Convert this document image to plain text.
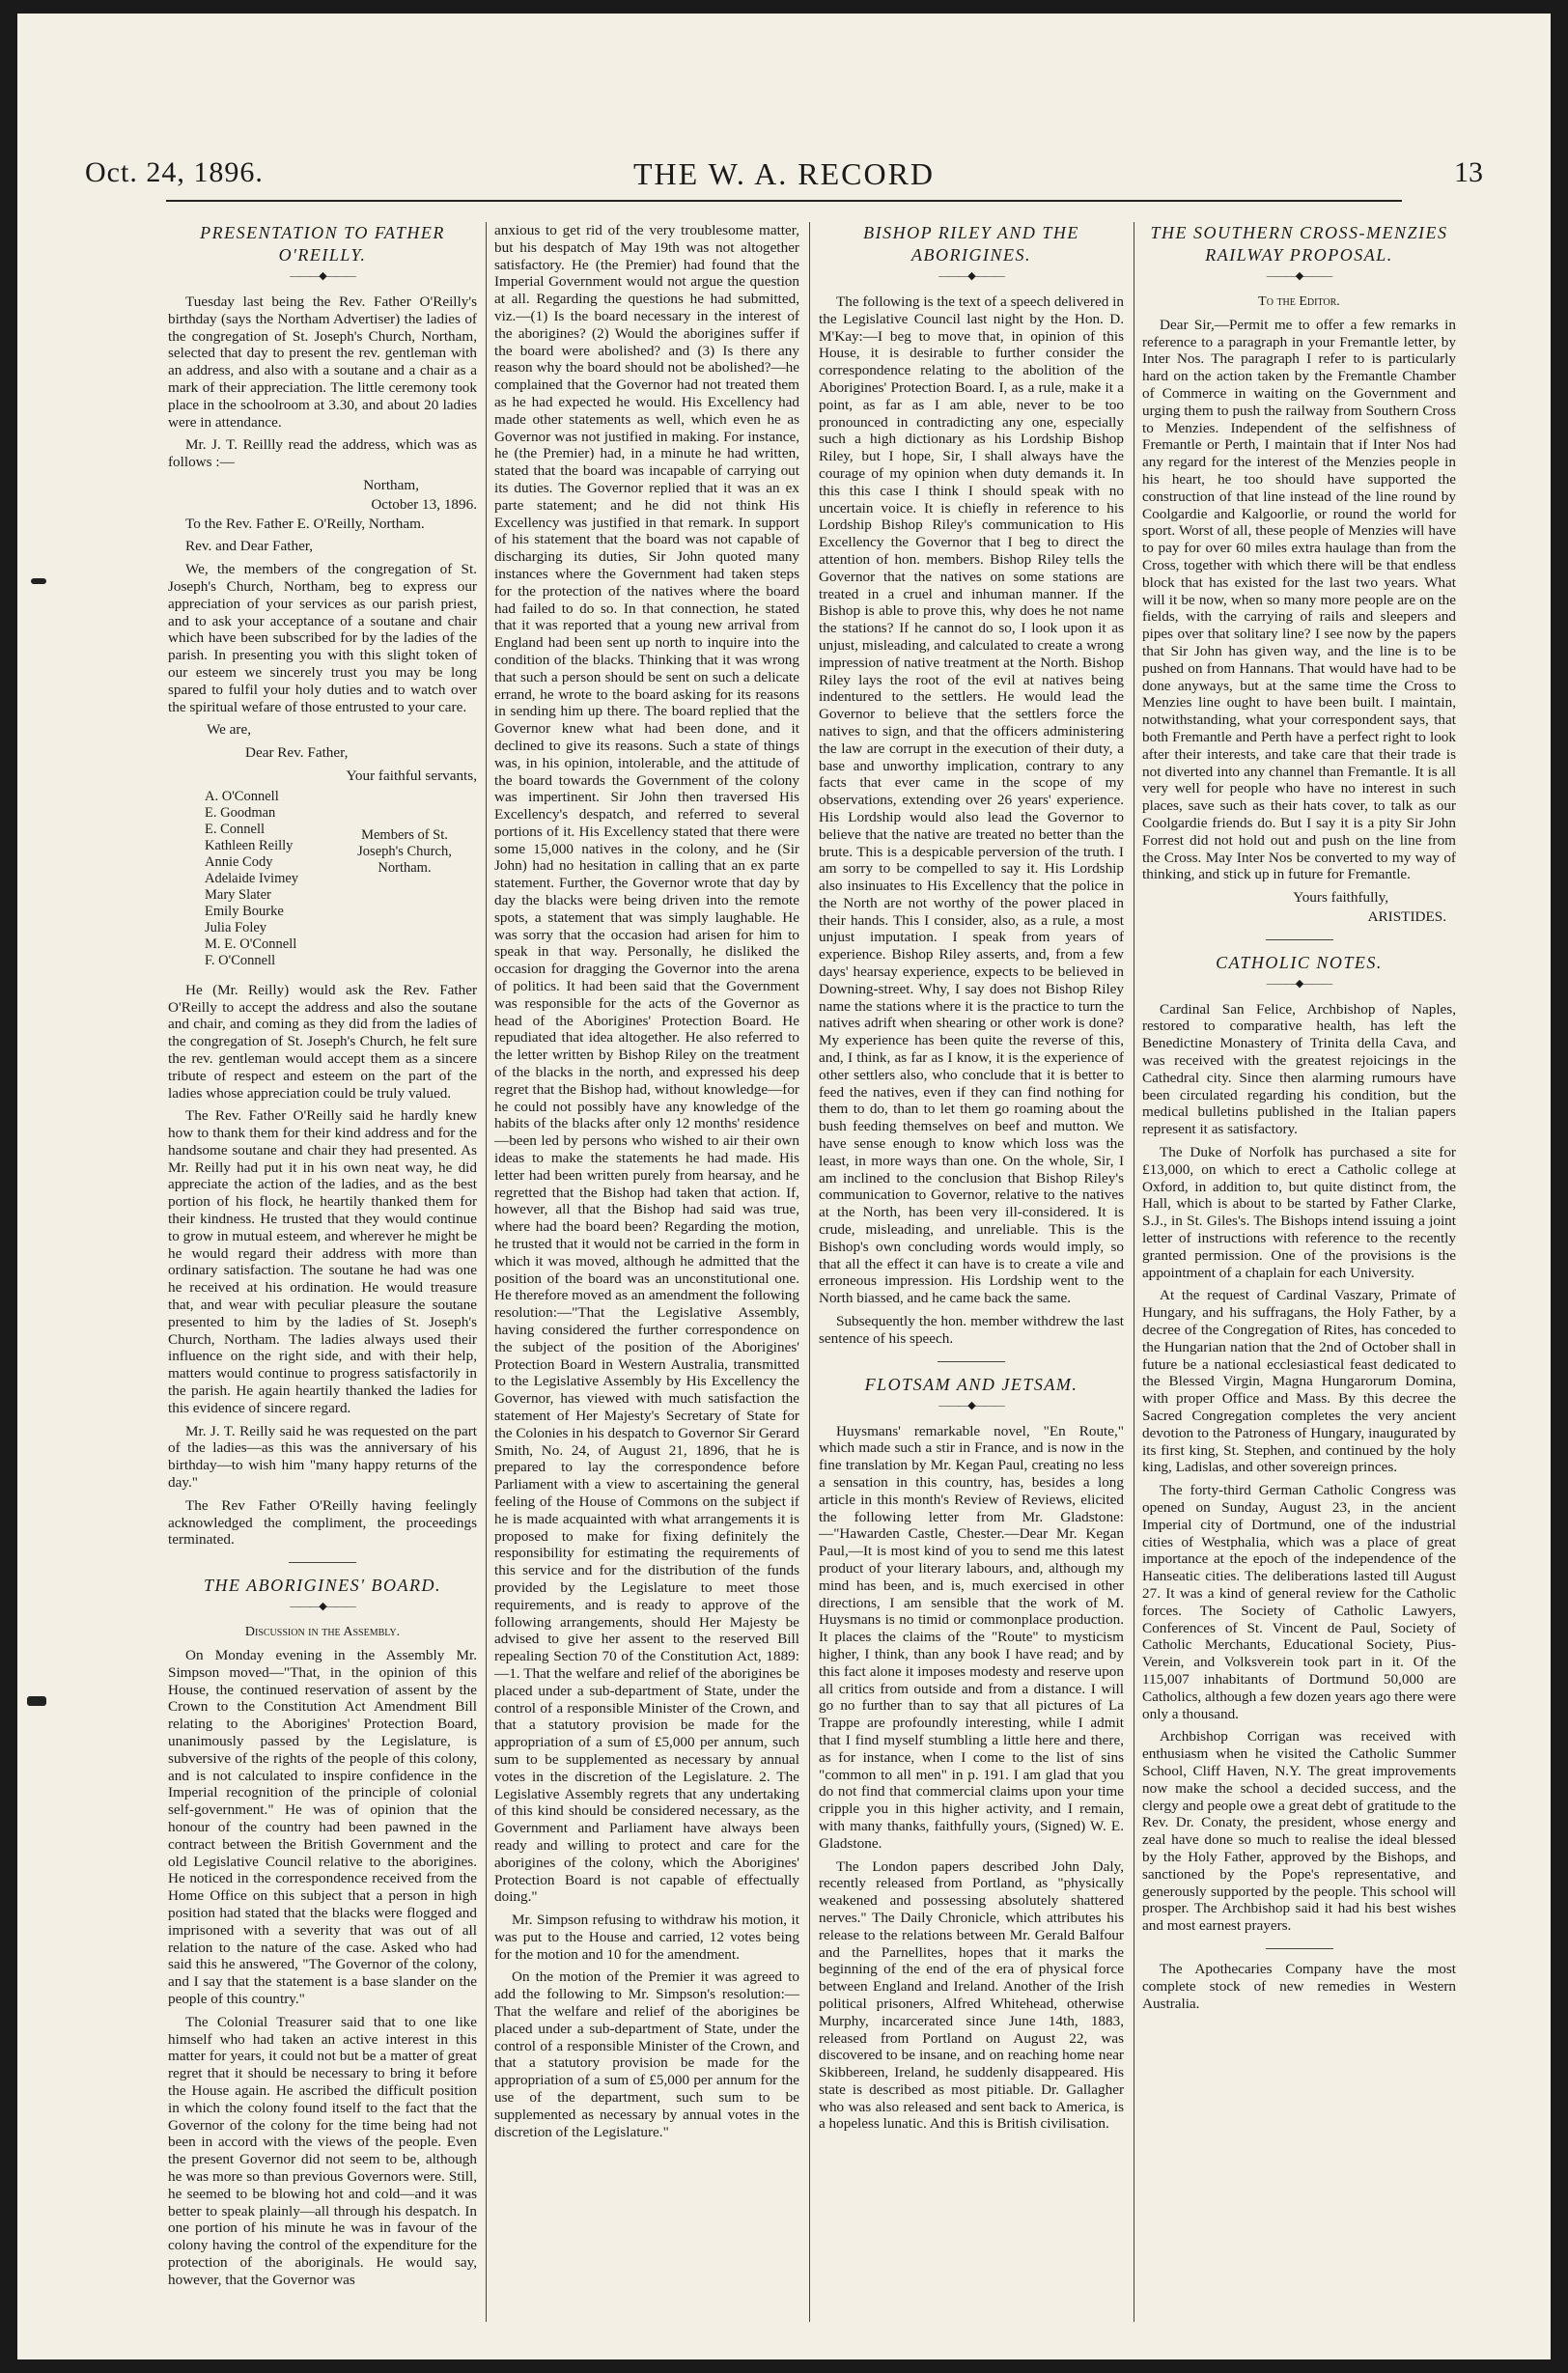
Oct. 24, 1896.	THE W. A. RECORD	13
PRESENTATION TO FATHER O'REILLY.
———◆———

Tuesday last being the Rev. Father O'Reilly's birthday (says the Northam Advertiser) the ladies of the congregation of St. Joseph's Church, Northam, selected that day to present the rev. gentleman with an address, and also with a soutane and a chair as a mark of their appreciation. The little ceremony took place in the schoolroom at 3.30, and about 20 ladies were in attendance.

Mr. J. T. Reillly read the address, which was as follows :—

Northam,
October 13, 1896.

To the Rev. Father E. O'Reilly, Northam.

Rev. and Dear Father,

We, the members of the congregation of St. Joseph's Church, Northam, beg to express our appreciation of your services as our parish priest, and to ask your acceptance of a soutane and chair which have been subscribed for by the ladies of the parish. In presenting you with this slight token of our esteem we sincerely trust you may be long spared to fulfil your holy duties and to watch over the spiritual wefare of those entrusted to your care.

We are,

Dear Rev. Father,

Your faithful servants,
A. O'Connell
E. Goodman
E. Connell
Kathleen Reilly
Annie Cody
Adelaide Ivimey
Mary Slater
Emily Bourke
Julia Foley
M. E. O'Connell
F. O'Connell
Members of St. Joseph's Church, Northam.

He (Mr. Reilly) would ask the Rev. Father O'Reilly to accept the address and also the soutane and chair, and coming as they did from the ladies of the congregation of St. Joseph's Church, he felt sure the rev. gentleman would accept them as a sincere tribute of respect and esteem on the part of the ladies whose appreciation could be truly valued.

The Rev. Father O'Reilly said he hardly knew how to thank them for their kind address and for the handsome soutane and chair they had presented. As Mr. Reilly had put it in his own neat way, he did appreciate the action of the ladies, and as the best portion of his flock, he heartily thanked them for their kindness. He trusted that they would continue to grow in mutual esteem, and wherever he might be he would regard their address with more than ordinary satisfaction. The soutane he had was one he received at his ordination. He would treasure that, and wear with peculiar pleasure the soutane presented to him by the ladies of St. Joseph's Church, Northam. The ladies always used their influence on the right side, and with their help, matters would continue to progress satisfactorily in the parish. He again heartily thanked the ladies for this evidence of sincere regard.

Mr. J. T. Reilly said he was requested on the part of the ladies—as this was the anniversary of his birthday—to wish him "many happy returns of the day."

The Rev Father O'Reilly having feelingly acknowledged the compliment, the proceedings terminated.

THE ABORIGINES' BOARD.
———◆———
Discussion in the Assembly.

On Monday evening in the Assembly Mr. Simpson moved—"That, in the opinion of this House, the continued reservation of assent by the Crown to the Constitution Act Amendment Bill relating to the Aborigines' Protection Board, unanimously passed by the Legislature, is subversive of the rights of the people of this colony, and is not calculated to inspire confidence in the Imperial recognition of the principle of colonial self-government." He was of opinion that the honour of the country had been pawned in the contract between the British Government and the old Legislative Council relative to the aborigines. He noticed in the correspondence received from the Home Office on this subject that a person in high position had stated that the blacks were flogged and imprisoned with a severity that was out of all relation to the nature of the case. Asked who had said this he answered, "The Governor of the colony, and I say that the statement is a base slander on the people of this country."

The Colonial Treasurer said that to one like himself who had taken an active interest in this matter for years, it could not but be a matter of great regret that it should be necessary to bring it before the House again. He ascribed the difficult position in which the colony found itself to the fact that the Governor of the colony for the time being had not been in accord with the views of the people. Even the present Governor did not seem to be, although he was more so than previous Governors were. Still, he seemed to be blowing hot and cold—and it was better to speak plainly—all through his despatch. In one portion of his minute he was in favour of the colony having the control of the expenditure for the protection of the aboriginals. He would say, however, that the Governor was

anxious to get rid of the very troublesome matter, but his despatch of May 19th was not altogether satisfactory. He (the Premier) had found that the Imperial Government would not argue the question at all. Regarding the questions he had submitted, viz.—(1) Is the board necessary in the interest of the aborigines? (2) Would the aborigines suffer if the board were abolished? and (3) Is there any reason why the board should not be abolished?—he complained that the Governor had not treated them as he had expected he would. His Excellency had made other statements as well, which even he as Governor was not justified in making. For instance, he (the Premier) had, in a minute he had written, stated that the board was incapable of carrying out its duties. The Governor replied that it was an ex parte statement; and he did not think His Excellency was justified in that remark. In support of his statement that the board was not capable of discharging its duties, Sir John quoted many instances where the Government had taken steps for the protection of the natives where the board had failed to do so. In that connection, he stated that it was reported that a young new arrival from England had been sent up north to inquire into the condition of the blacks. Thinking that it was wrong that such a person should be sent on such a delicate errand, he wrote to the board asking for its reasons in sending him up there. The board replied that the Governor knew what had been done, and it declined to give its reasons. Such a state of things was, in his opinion, intolerable, and the attitude of the board towards the Government of the colony was impertinent. Sir John then traversed His Excellency's despatch, and referred to several portions of it. His Excellency stated that there were some 15,000 natives in the colony, and he (Sir John) had no hesitation in calling that an ex parte statement. Further, the Governor wrote that day by day the blacks were being driven into the remote spots, a statement that was simply laughable. He was sorry that the occasion had arisen for him to speak in that way. Personally, he disliked the occasion for dragging the Governor into the arena of politics. It had been said that the Government was responsible for the acts of the Governor as head of the Aborigines' Protection Board. He repudiated that idea altogether. He also referred to the letter written by Bishop Riley on the treatment of the blacks in the north, and expressed his deep regret that the Bishop had, without knowledge—for he could not possibly have any knowledge of the habits of the blacks after only 12 months' residence—been led by persons who wished to air their own ideas to make the statements he had made. His letter had been written purely from hearsay, and he regretted that the Bishop had taken that action. If, however, all that the Bishop had said was true, where had the board been? Regarding the motion, he trusted that it would not be carried in the form in which it was moved, although he admitted that the position of the board was an unconstitutional one. He therefore moved as an amendment the following resolution:—"That the Legislative Assembly, having considered the further correspondence on the subject of the position of the Aborigines' Protection Board in Western Australia, transmitted to the Legislative Assembly by His Excellency the Governor, has viewed with much satisfaction the statement of Her Majesty's Secretary of State for the Colonies in his despatch to Governor Sir Gerard Smith, No. 24, of August 21, 1896, that he is prepared to lay the correspondence before Parliament with a view to ascertaining the general feeling of the House of Commons on the subject if he is made acquainted with what arrangements it is proposed to make for fixing definitely the responsibility for estimating the requirements of this service and for the distribution of the funds provided by the Legislature to meet those requirements, and is ready to approve of the following arrangements, should Her Majesty be advised to give her assent to the reserved Bill repealing Section 70 of the Constitution Act, 1889:—1. That the welfare and relief of the aborigines be placed under a sub-department of State, under the control of a responsible Minister of the Crown, and that a statutory provision be made for the appropriation of a sum of £5,000 per annum, such sum to be supplemented as necessary by annual votes in the discretion of the Legislature. 2. The Legislative Assembly regrets that any undertaking of this kind should be considered necessary, as the Government and Parliament have always been ready and willing to protect and care for the aborigines of the colony, which the Aborigines' Protection Board is not capable of effectually doing."

Mr. Simpson refusing to withdraw his motion, it was put to the House and carried, 12 votes being for the motion and 10 for the amendment.

On the motion of the Premier it was agreed to add the following to Mr. Simpson's resolution:—That the welfare and relief of the aborigines be placed under a sub-department of State, under the control of a responsible Minister of the Crown, and that a statutory provision be made for the appropriation of a sum of £5,000 per annum for the use of the department, such sum to be supplemented as necessary by annual votes in the discretion of the Legislature."

BISHOP RILEY AND THE ABORIGINES.
———◆———

The following is the text of a speech delivered in the Legislative Council last night by the Hon. D. M'Kay:—I beg to move that, in opinion of this House, it is desirable to further consider the correspondence relating to the abolition of the Aborigines' Protection Board. I, as a rule, make it a point, as far as I am able, never to be too pronounced in contradicting any one, especially such a high dictionary as his Lordship Bishop Riley, but I hope, Sir, I shall always have the courage of my opinion when duty demands it. In this this case I think I should speak with no uncertain voice. It is chiefly in reference to his Lordship Bishop Riley's communication to His Excellency the Governor that I beg to direct the attention of hon. members. Bishop Riley tells the Governor that the natives on some stations are treated in a cruel and inhuman manner. If the Bishop is able to prove this, why does he not name the stations? If he cannot do so, I look upon it as unjust, misleading, and calculated to create a wrong impression of native treatment at the North. Bishop Riley lays the root of the evil at natives being indentured to the settlers. He would lead the Governor to believe that the settlers force the natives to sign, and that the officers administering the law are corrupt in the execution of their duty, a base and unworthy implication, contrary to any facts that ever came in the scope of my observations, extending over 26 years' experience. His Lordship would also lead the Governor to believe that the native are treated no better than the brute. This is a despicable perversion of the truth. I am sorry to be compelled to say it. His Lordship also insinuates to His Excellency that the police in the North are not worthy of the power placed in their hands. This I consider, also, as a rule, a most unjust imputation. I speak from years of experience. Bishop Riley asserts, and, from a few days' hearsay experience, expects to be believed in Downing-street. Why, I say does not Bishop Riley name the stations where it is the practice to turn the natives adrift when shearing or other work is done? My experience has been quite the reverse of this, and, I think, as far as I know, it is the experience of other settlers also, who conclude that it is better to feed the natives, even if they can find nothing for them to do, than to let them go roaming about the bush feeding themselves on beef and mutton. We have sense enough to know which loss was the least, in more ways than one. On the whole, Sir, I am inclined to the conclusion that Bishop Riley's communication to Governor, relative to the natives at the North, has been very ill-considered. It is crude, misleading, and unreliable. This is the Bishop's own concluding words would imply, so that all the effect it can have is to create a vile and erroneous impression. His Lordship went to the North biassed, and he came back the same.

Subsequently the hon. member withdrew the last sentence of his speech.

FLOTSAM AND JETSAM.
———◆———

Huysmans' remarkable novel, "En Route," which made such a stir in France, and is now in the fine translation by Mr. Kegan Paul, creating no less a sensation in this country, has, besides a long article in this month's Review of Reviews, elicited the following letter from Mr. Gladstone:—"Hawarden Castle, Chester.—Dear Mr. Kegan Paul,—It is most kind of you to send me this latest product of your literary labours, and, although my mind has been, and is, much exercised in other directions, I am sensible that the work of M. Huysmans is no timid or commonplace production. It places the claims of the "Route" to mysticism higher, I think, than any book I have read; and by this fact alone it imposes modesty and reserve upon all critics from outside and from a distance. I will go no further than to say that all pictures of La Trappe are profoundly interesting, while I admit that I find myself stumbling a little here and there, as for instance, when I come to the list of sins "common to all men" in p. 191. I am glad that you do not find that commercial claims upon your time cripple you in this higher activity, and I remain, with many thanks, faithfully yours, (Signed) W. E. Gladstone.

The London papers described John Daly, recently released from Portland, as "physically weakened and possessing absolutely shattered nerves." The Daily Chronicle, which attributes his release to the relations between Mr. Gerald Balfour and the Parnellites, hopes that it marks the beginning of the end of the era of physical force between England and Ireland. Another of the Irish political prisoners, Alfred Whitehead, otherwise Murphy, incarcerated since June 14th, 1883, released from Portland on August 22, was discovered to be insane, and on reaching home near Skibbereen, Ireland, he suddenly disappeared. His state is described as most pitiable. Dr. Gallagher who was also released and sent back to America, is a hopeless lunatic. And this is British civilisation.

THE SOUTHERN CROSS-MENZIES RAILWAY PROPOSAL.
———◆———
To the Editor.

Dear Sir,—Permit me to offer a few remarks in reference to a paragraph in your Fremantle letter, by Inter Nos. The paragraph I refer to is particularly hard on the action taken by the Fremantle Chamber of Commerce in waiting on the Government and urging them to push the railway from Southern Cross to Menzies. Independent of the selfishness of Fremantle or Perth, I maintain that if Inter Nos had any regard for the interest of the Menzies people in his heart, he too should have supported the construction of that line instead of the line round by Coolgardie and Kalgoorlie, or round the world for sport. Worst of all, these people of Menzies will have to pay for over 60 miles extra haulage than from the Cross, together with which there will be that endless block that has existed for the last two years. What will it be now, when so many more people are on the fields, with the carrying of rails and sleepers and pipes over that solitary line? I see now by the papers that Sir John has given way, and the line is to be pushed on from Hannans. That would have had to be done anyways, but at the same time the Cross to Menzies line ought to have been built. I maintain, notwithstanding, what your correspondent says, that both Fremantle and Perth have a perfect right to look after their interests, and take care that their trade is not diverted into any channel than Fremantle. It is all very well for people who have no interest in such places, save such as their hats cover, to talk as our Coolgardie friends do. But I say it is a pity Sir John Forrest did not hold out and push on the line from the Cross. May Inter Nos be converted to my way of thinking, and stick up in future for Fremantle.

Yours faithfully,
ARISTIDES.
CATHOLIC NOTES.
———◆———

Cardinal San Felice, Archbishop of Naples, restored to comparative health, has left the Benedictine Monastery of Trinita della Cava, and was received with the greatest rejoicings in the Cathedral city. Since then alarming rumours have been circulated regarding his condition, but the medical bulletins published in the Italian papers represent it as satisfactory.

The Duke of Norfolk has purchased a site for £13,000, on which to erect a Catholic college at Oxford, in addition to, but quite distinct from, the Hall, which is about to be started by Father Clarke, S.J., in St. Giles's. The Bishops intend issuing a joint letter of instructions with reference to the recently granted permission. One of the provisions is the appointment of a chaplain for each University.

At the request of Cardinal Vaszary, Primate of Hungary, and his suffragans, the Holy Father, by a decree of the Congregation of Rites, has conceded to the Hungarian nation that the 2nd of October shall in future be a national ecclesiastical feast dedicated to the Blessed Virgin, Magna Hungarorum Domina, with proper Office and Mass. By this decree the Sacred Congregation completes the very ancient devotion to the Patroness of Hungary, inaugurated by its first king, St. Stephen, and continued by the holy king, Ladislas, and other sovereign princes.

The forty-third German Catholic Congress was opened on Sunday, August 23, in the ancient Imperial city of Dortmund, one of the industrial cities of Westphalia, which was a place of great importance at the epoch of the independence of the Hanseatic cities. The deliberations lasted till August 27. It was a kind of general review for the Catholic forces. The Society of Catholic Lawyers, Conferences of St. Vincent de Paul, Society of Catholic Merchants, Educational Society, Pius-Verein, and Volksverein took part in it. Of the 115,007 inhabitants of Dortmund 50,000 are Catholics, although a few dozen years ago there were only a thousand.

Archbishop Corrigan was received with enthusiasm when he visited the Catholic Summer School, Cliff Haven, N.Y. The great improvements now make the school a decided success, and the clergy and people owe a great debt of gratitude to the Rev. Dr. Conaty, the president, whose energy and zeal have done so much to realise the ideal blessed by the Holy Father, approved by the Bishops, and sanctioned by the Pope's representative, and generously supported by the people. This school will prosper. The Archbishop said it had his best wishes and most earnest prayers.

The Apothecaries Company have the most complete stock of new remedies in Western Australia.
